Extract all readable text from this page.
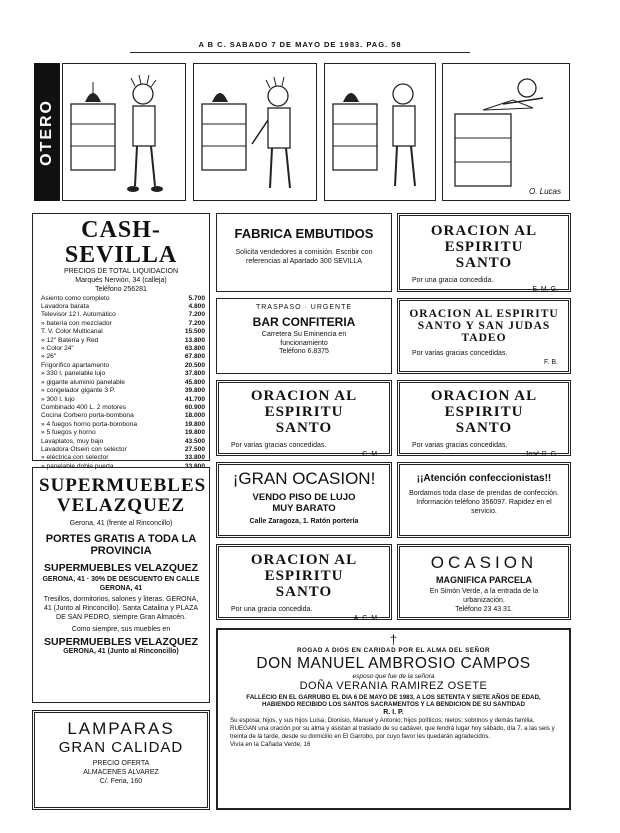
A B C. SABADO 7 DE MAYO DE 1983. PAG. 58
OTERO
O. Lucas
CASH-SEVILLA
PRECIOS DE TOTAL LIQUIDACION
Marqués Nervión, 34 (calleja)
Teléfono 256281
Asiento como completo	5.700
Lavadora barata	4.800
Televisor 12 l. Automático	7.200
» batería con mezclador	7.200
T. V. Color Multicanal	15.500
» 12" Batería y Red	13.800
» Color 24"	63.800
» 26"	67.800
Frigorífico apartamento	20.500
» 330 l. panelable lujo	37.800
» gigante aluminio panelable	45.800
» congelador gigante 3 P.	39.800
» 300 l. lujo	41.700
Combinado 400 L. 2 motores	60.900
Cocina Corbero porta-bombona	18.000
» 4 fuegos horno porta-bombona	19.800
» 5 fuegos y horno	19.800
Lavaplatos, muy bajo	43.500
Lavadora Otsein con selector	27.500
» eléctrica con selector	33.800
» panelable doble puerta	33.800
SUPERMUEBLES VELAZQUEZ
Gerona, 41 (frente al Rinconcillo)
PORTES GRATIS A TODA LA PROVINCIA
SUPERMUEBLES VELAZQUEZ
GERONA, 41 · 30% DE DESCUENTO EN CALLE GERONA, 41
Tresillos, dormitorios, salones y literas. GERONA, 41 (Junto al Rinconcillo). Santa Catalina y PLAZA DE SAN PEDRO, siempre Gran Almacén.
Como siempre, sus muebles en
SUPERMUEBLES VELAZQUEZ
GERONA, 41 (Junto al Rinconcillo)
LAMPARAS
GRAN CALIDAD
PRECIO OFERTA
ALMACENES ALVAREZ
C/. Feria, 160
FABRICA EMBUTIDOS
Solicita vendedores a comisión. Escribir con referencias al Apartado 300 SEVILLA
ORACION AL ESPIRITU SANTO
Por una gracia concedida.
E. M. G.
TRASPASO · URGENTE
BAR CONFITERIA
Carretera Su Eminencia en funcionamiento
Teléfono 6.8375
ORACION AL ESPIRITU SANTO Y SAN JUDAS TADEO
Por varias gracias concedidas.
F. B.
ORACION AL ESPIRITU SANTO
Por varias gracias concedidas.
C. M.
ORACION AL ESPIRITU SANTO
Por varias gracias concedidas.
José R. G.
¡GRAN OCASION!
VENDO PISO DE LUJO
MUY BARATO
Calle Zaragoza, 1. Ratón portería
¡¡Atención confeccionistas!!
Bordamos toda clase de prendas de confección. Información teléfono 356097. Rapidez en el servicio.
ORACION AL ESPIRITU SANTO
Por una gracia concedida.
A. C. M.
OCASION
MAGNIFICA PARCELA
En Simón Verde, a la entrada de la urbanización.
Teléfono 23 43 31.
†
ROGAD A DIOS EN CARIDAD POR EL ALMA DEL SEÑOR
DON MANUEL AMBROSIO CAMPOS
esposo que fue de la señora
DOÑA VERANIA RAMIREZ OSETE
FALLECIO EN EL GARRUBO EL DIA 6 DE MAYO DE 1983, A LOS SETENTA Y SIETE AÑOS DE EDAD, HABIENDO RECIBIDO LOS SANTOS SACRAMENTOS Y LA BENDICION DE SU SANTIDAD
R. I. P.
Su esposa; hijos, y sus hijos Luisa, Dionisio, Manuel y Antonio; hijos políticos; nietos; sobrinos y demás familia.
RUEGAN una oración por su alma y asistan al traslado de su cadáver, que tendrá lugar hoy sábado, día 7, a las seis y treinta de la tarde, desde su domicilio en El Garrobo, por cuyo favor les quedarán agradecidos.
Vivía en la Cañada Verde, 16
